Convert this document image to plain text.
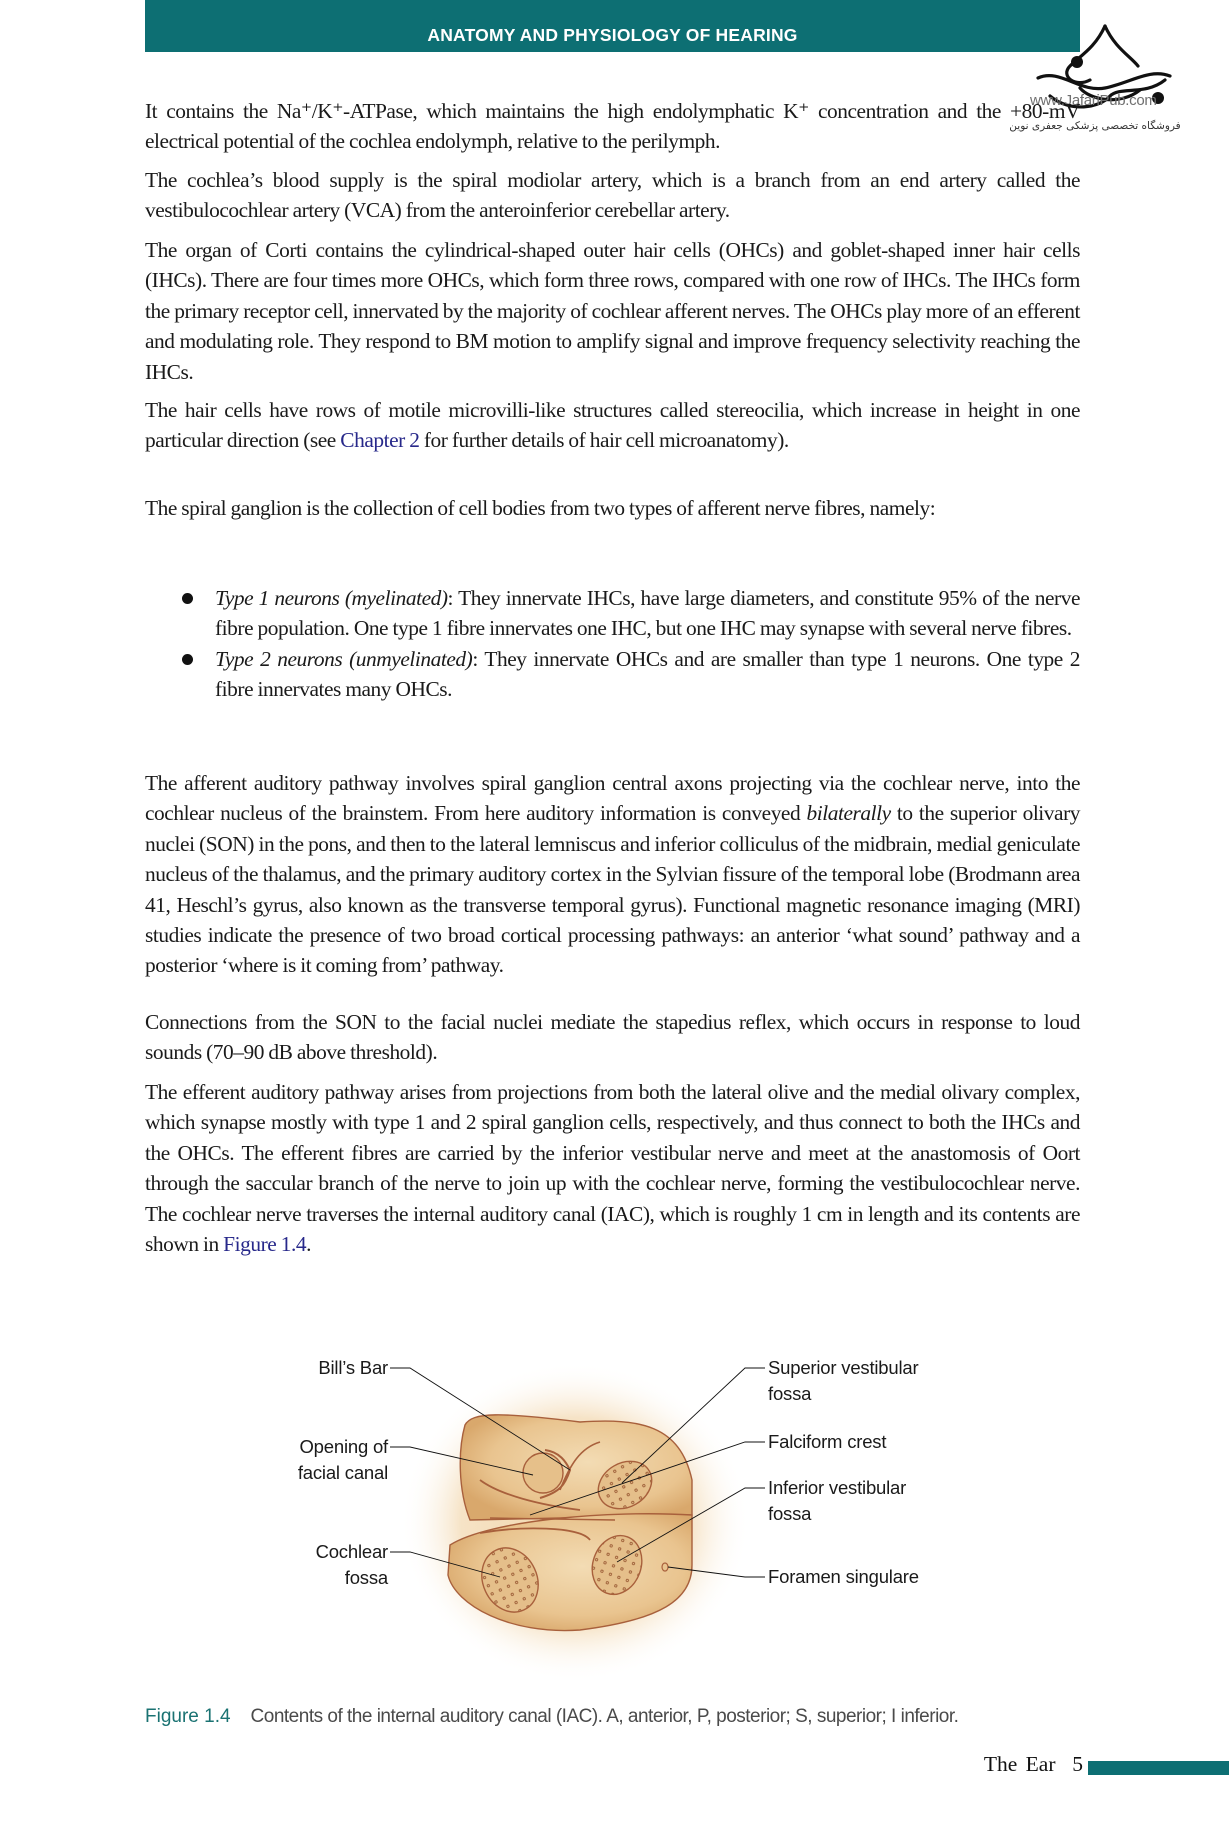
ANATOMY AND PHYSIOLOGY OF HEARING
www.JafariPub.com
فروشگاه تخصصی پزشکی جعفری نوین

It contains the Na⁺/K⁺-ATPase, which maintains the high endolymphatic K⁺ concentration and the +80-mV electrical potential of the cochlea endolymph, relative to the perilymph.

The cochlea’s blood supply is the spiral modiolar artery, which is a branch from an end artery called the vestibulocochlear artery (VCA) from the anteroinferior cerebellar artery.

The organ of Corti contains the cylindrical-shaped outer hair cells (OHCs) and goblet-shaped inner hair cells (IHCs). There are four times more OHCs, which form three rows, compared with one row of IHCs. The IHCs form the primary receptor cell, innervated by the majority of cochlear afferent nerves. The OHCs play more of an efferent and modulating role. They respond to BM motion to amplify signal and improve frequency selectivity reaching the IHCs.

The hair cells have rows of motile microvilli-like structures called stereocilia, which increase in height in one particular direction (see Chapter 2 for further details of hair cell microanatomy).

The spiral ganglion is the collection of cell bodies from two types of afferent nerve fibres, namely:

Type 1 neurons (myelinated): They innervate IHCs, have large diameters, and constitute 95% of the nerve fibre population. One type 1 fibre innervates one IHC, but one IHC may synapse with several nerve fibres.
Type 2 neurons (unmyelinated): They innervate OHCs and are smaller than type 1 neurons. One type 2 fibre innervates many OHCs.

The afferent auditory pathway involves spiral ganglion central axons projecting via the cochlear nerve, into the cochlear nucleus of the brainstem. From here auditory information is conveyed bilaterally to the superior olivary nuclei (SON) in the pons, and then to the lateral lemniscus and inferior colliculus of the midbrain, medial geniculate nucleus of the thalamus, and the primary auditory cortex in the Sylvian fissure of the temporal lobe (Brodmann area 41, Heschl’s gyrus, also known as the transverse temporal gyrus). Functional magnetic resonance imaging (MRI) studies indicate the presence of two broad cortical processing pathways: an anterior ‘what sound’ pathway and a posterior ‘where is it coming from’ pathway.

Connections from the SON to the facial nuclei mediate the stapedius reflex, which occurs in response to loud sounds (70–90 dB above threshold).

The efferent auditory pathway arises from projections from both the lateral olive and the medial olivary complex, which synapse mostly with type 1 and 2 spiral ganglion cells, respectively, and thus connect to both the IHCs and the OHCs. The efferent fibres are carried by the inferior vestibular nerve and meet at the anastomosis of Oort through the saccular branch of the nerve to join up with the cochlear nerve, forming the vestibulocochlear nerve. The cochlear nerve traverses the internal auditory canal (IAC), which is roughly 1 cm in length and its contents are shown in Figure 1.4.

Bill’s Bar
Opening of
facial canal
Cochlear
fossa
Superior vestibular
fossa
Falciform crest
Inferior vestibular
fossa
Foramen singulare
Figure 1.4 Contents of the internal auditory canal (IAC). A, anterior, P, posterior; S, superior; I inferior.
The Ear 5
